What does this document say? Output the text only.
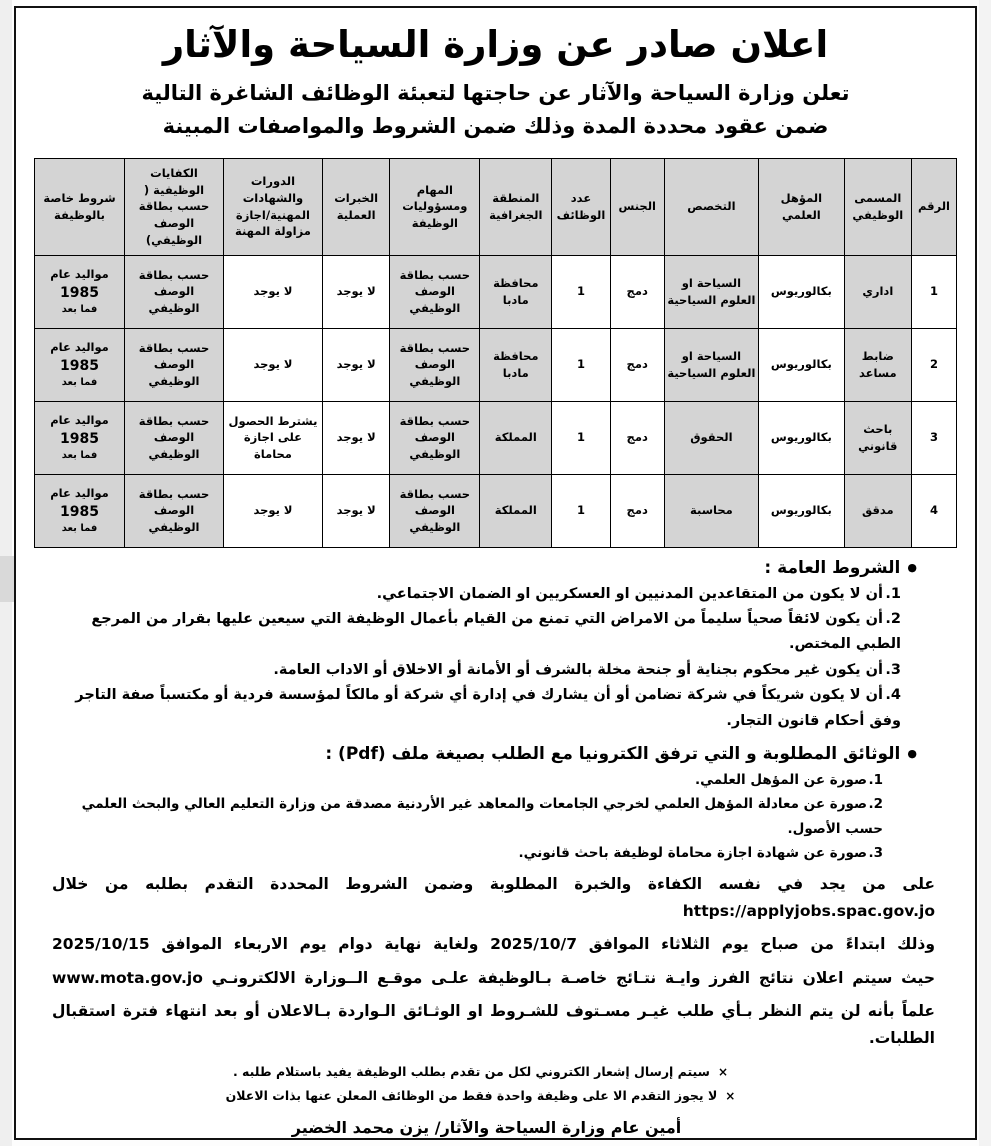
اعلان صادر عن وزارة السياحة والآثار
تعلن وزارة السياحة والآثار عن حاجتها لتعبئة الوظائف الشاغرة التالية
ضمن عقود محددة المدة وذلك ضمن الشروط والمواصفات المبينة
الرقم	المسمى الوظيفي	المؤهل العلمي	التخصص	الجنس	عدد الوظائف	المنطقة الجغرافية	المهام ومسؤوليات الوظيفة	الخبرات العملية	الدورات والشهادات المهنية/اجازة مزاولة المهنة	الكفايات الوظيفية ( حسب بطاقة الوصف الوظيفي)	شروط خاصة بالوظيفة
1	اداري	بكالوريوس	السياحة او العلوم السياحية	دمج	1	محافظة مادبا	حسب بطاقة الوصف الوظيفي	لا يوجد	لا يوجد	حسب بطاقة الوصف الوظيفي	مواليد عام
1985
فما بعد

2	ضابط مساعد	بكالوريوس	السياحة او العلوم السياحية	دمج	1	محافظة مادبا	حسب بطاقة الوصف الوظيفي	لا يوجد	لا يوجد	حسب بطاقة الوصف الوظيفي	مواليد عام
1985
فما بعد

3	باحث قانوني	بكالوريوس	الحقوق	دمج	1	المملكة	حسب بطاقة الوصف الوظيفي	لا يوجد	يشترط الحصول على اجازة محاماة	حسب بطاقة الوصف الوظيفي	مواليد عام
1985
فما بعد

4	مدقق	بكالوريوس	محاسبة	دمج	1	المملكة	حسب بطاقة الوصف الوظيفي	لا يوجد	لا يوجد	حسب بطاقة الوصف الوظيفي	مواليد عام
1985
فما بعد
● الشروط العامة :
1.أن لا يكون من المتقاعدين المدنيين او العسكريين او الضمان الاجتماعي.
2.أن يكون لائقاً صحياً سليماً من الامراض التي تمنع من القيام بأعمال الوظيفة التي سيعين عليها بقرار من المرجع الطبي المختص.
3.أن يكون غير محكوم بجناية أو جنحة مخلة بالشرف أو الأمانة أو الاخلاق أو الاداب العامة.
4.أن لا يكون شريكاً في شركة تضامن أو أن يشارك في إدارة أي شركة أو مالكاً لمؤسسة فردية أو مكتسباً صفة التاجر وفق أحكام قانون التجار.
● الوثائق المطلوبة و التي ترفق الكترونيا مع الطلب بصيغة ملف (Pdf) :
1.صورة عن المؤهل العلمي.
2.صورة عن معادلة المؤهل العلمي لخرجي الجامعات والمعاهد غير الأردنية مصدقة من وزارة التعليم العالي والبحث العلمي حسب الأصول.
3.صورة عن شهادة اجازة محاماة لوظيفة باحث قانوني.
على من يجد في نفسه الكفاءة والخبرة المطلوبة وضمن الشروط المحددة التقدم بطلبه من خلال https://applyjobs.spac.gov.jo
وذلك ابتداءً من صباح يوم الثلاثاء الموافق 2025/10/7 ولغاية نهاية دوام يوم الاربعاء الموافق 2025/10/15
حيث سيتم اعلان نتائج الفرز وايـة نتـائج خاصـة بـالوظيفة علـى موقـع الــوزارة الالكترونـي www.mota.gov.jo
علماً بأنه لن يتم النظر بـأي طلب غيـر مسـتوف للشـروط او الوثـائق الـواردة بـالاعلان أو بعد انتهاء فترة استقبال الطلبات.
× سيتم إرسال إشعار الكتروني لكل من تقدم بطلب الوظيفة يفيد باستلام طلبه .
× لا يجوز التقدم الا على وظيفة واحدة فقط من الوظائف المعلن عنها بذات الاعلان
أمين عام وزارة السياحة والآثار/ يزن محمد الخضير
